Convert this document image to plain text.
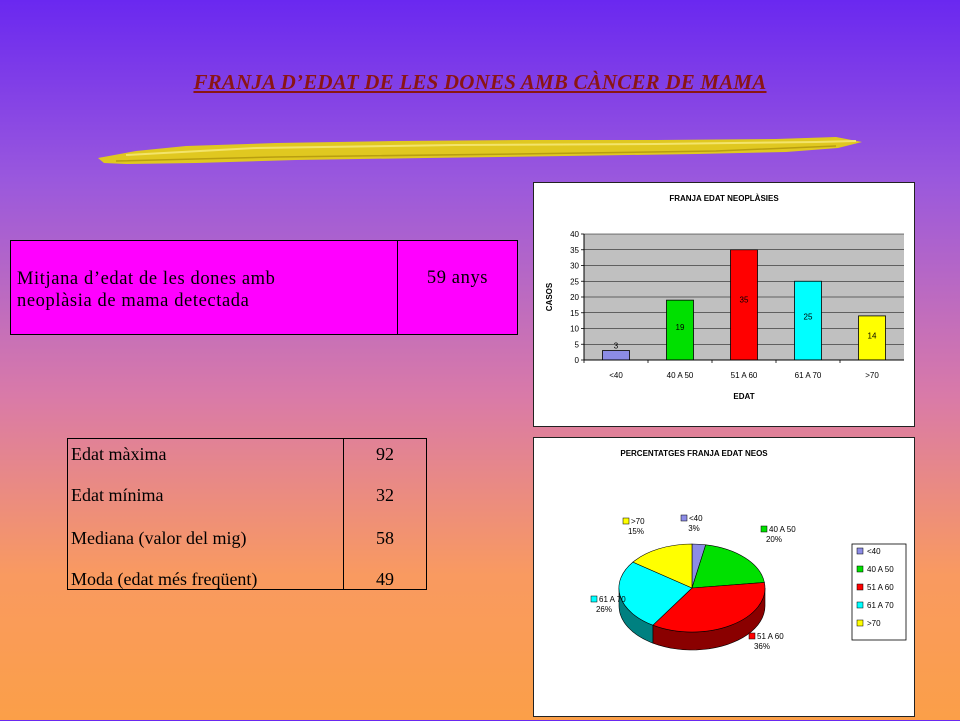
FRANJA D’EDAT DE LES DONES AMB CÀNCER DE MAMA
Mitjana d’edat de les dones amb
neoplàsia de mama detectada
59 anys
Edat màxima	92
Edat mínima	32
Mediana (valor del mig)	58
Moda (edat més freqüent)	49
FRANJA EDAT NEOPLÀSIES
3
<40
19
40 A 50
35
51 A 60
25
61 A 70
14
>70
0
5
10
15
20
25
30
35
40
CASOS
EDAT
PERCENTATGES FRANJA EDAT NEOS
<40
3%	40 A 50
20%
51 A 60
36%
61 A 70
26%
>70
15%
<40
40 A 50
51 A 60
61 A 70
>70
